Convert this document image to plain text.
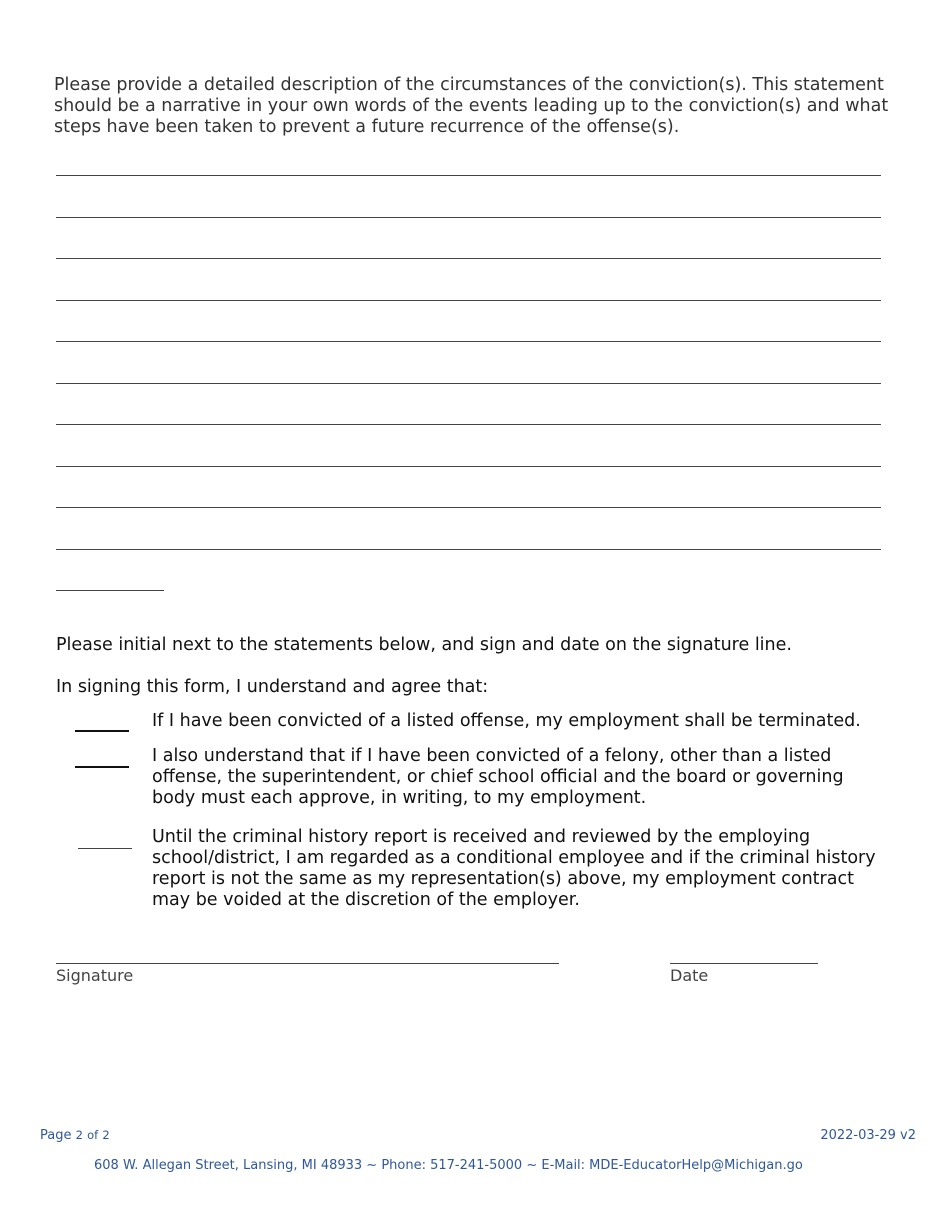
Please provide a detailed description of the circumstances of the conviction(s). This statement should be a narrative in your own words of the events leading up to the conviction(s) and what steps have been taken to prevent a future recurrence of the offense(s).
Please initial next to the statements below, and sign and date on the signature line.
In signing this form, I understand and agree that:
If I have been convicted of a listed offense, my employment shall be terminated.
I also understand that if I have been convicted of a felony, other than a listed offense, the superintendent, or chief school official and the board or governing body must each approve, in writing, to my employment.
Until the criminal history report is received and reviewed by the employing school/district, I am regarded as a conditional employee and if the criminal history report is not the same as my representation(s) above, my employment contract may be voided at the discretion of the employer.
Signature	Date
Page 2 of 2	2022-03-29 v2
608 W. Allegan Street, Lansing, MI 48933 ~ Phone: 517-241-5000 ~ E-Mail: MDE-EducatorHelp@Michigan.go
